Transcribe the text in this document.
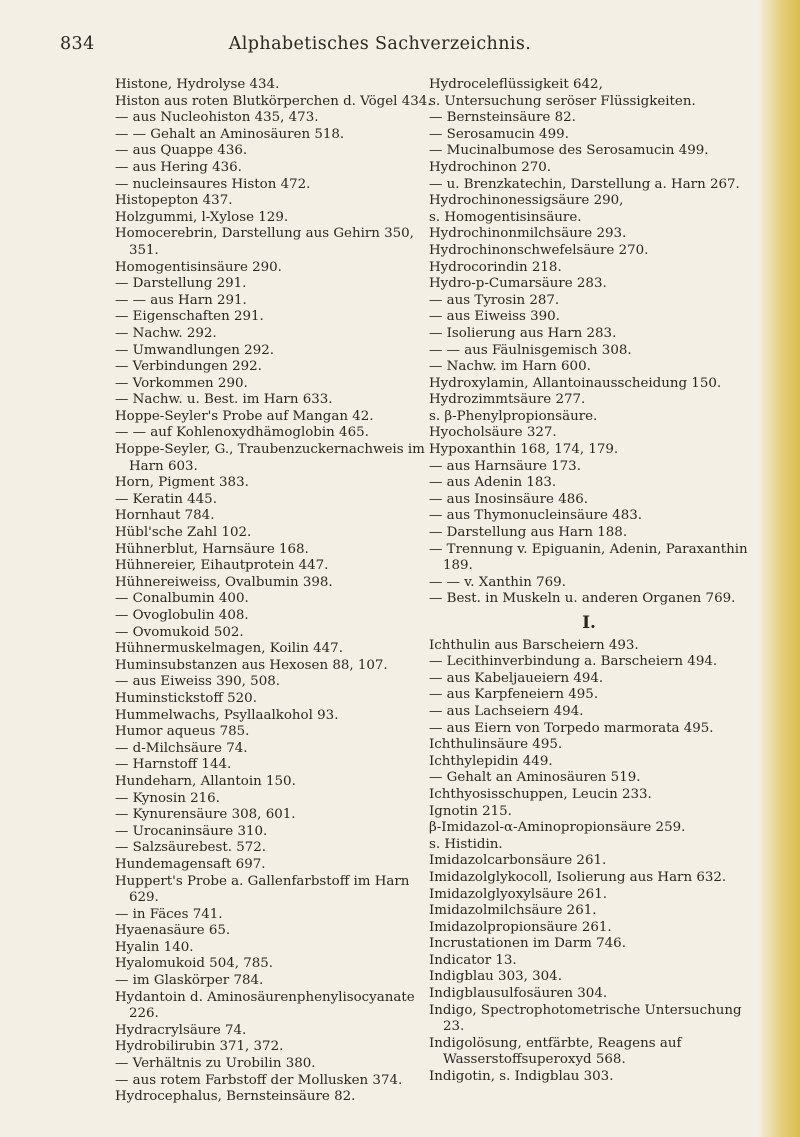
834	Alphabetisches Sachverzeichnis.

Histone, Hydrolyse 434.

Histon aus roten Blutkörperchen d. Vögel 434.

— aus Nucleohiston 435, 473.

— — Gehalt an Aminosäuren 518.

— aus Quappe 436.

— aus Hering 436.

— nucleinsaures Histon 472.

Histopepton 437.

Holzgummi, l-Xylose 129.

Homocerebrin, Darstellung aus Gehirn 350, 351.

Homogentisinsäure 290.

— Darstellung 291.

— — aus Harn 291.

— Eigenschaften 291.

— Nachw. 292.

— Umwandlungen 292.

— Verbindungen 292.

— Vorkommen 290.

— Nachw. u. Best. im Harn 633.

Hoppe-Seyler's Probe auf Mangan 42.

— — auf Kohlenoxydhämoglobin 465.

Hoppe-Seyler, G., Traubenzuckernachweis im Harn 603.

Horn, Pigment 383.

— Keratin 445.

Hornhaut 784.

Hübl'sche Zahl 102.

Hühnerblut, Harnsäure 168.

Hühnereier, Eihautprotein 447.

Hühnereiweiss, Ovalbumin 398.

— Conalbumin 400.

— Ovoglobulin 408.

— Ovomukoid 502.

Hühnermuskelmagen, Koilin 447.

Huminsubstanzen aus Hexosen 88, 107.

— aus Eiweiss 390, 508.

Huminstickstoff 520.

Hummelwachs, Psyllaalkohol 93.

Humor aqueus 785.

— d-Milchsäure 74.

— Harnstoff 144.

Hundeharn, Allantoin 150.

— Kynosin 216.

— Kynurensäure 308, 601.

— Urocaninsäure 310.

— Salzsäurebest. 572.

Hundemagensaft 697.

Huppert's Probe a. Gallenfarbstoff im Harn 629.

— in Fäces 741.

Hyaenasäure 65.

Hyalin 140.

Hyalomukoid 504, 785.

— im Glaskörper 784.

Hydantoin d. Aminosäurenphenylisocyanate 226.

Hydracrylsäure 74.

Hydrobilirubin 371, 372.

— Verhältnis zu Urobilin 380.

— aus rotem Farbstoff der Mollusken 374.

Hydrocephalus, Bernsteinsäure 82.

Hydroceleflüssigkeit 642,

s. Untersuchung seröser Flüssigkeiten.

— Bernsteinsäure 82.

— Serosamucin 499.

— Mucinalbumose des Serosamucin 499.

Hydrochinon 270.

— u. Brenzkatechin, Darstellung a. Harn 267.

Hydrochinonessigsäure 290,

s. Homogentisinsäure.

Hydrochinonmilchsäure 293.

Hydrochinonschwefelsäure 270.

Hydrocorindin 218.

Hydro-p-Cumarsäure 283.

— aus Tyrosin 287.

— aus Eiweiss 390.

— Isolierung aus Harn 283.

— — aus Fäulnisgemisch 308.

— Nachw. im Harn 600.

Hydroxylamin, Allantoinausscheidung 150.

Hydrozimmtsäure 277.

s. β-Phenylpropionsäure.

Hyocholsäure 327.

Hypoxanthin 168, 174, 179.

— aus Harnsäure 173.

— aus Adenin 183.

— aus Inosinsäure 486.

— aus Thymonucleinsäure 483.

— Darstellung aus Harn 188.

— Trennung v. Epiguanin, Adenin, Paraxanthin 189.

— — v. Xanthin 769.

— Best. in Muskeln u. anderen Organen 769.

I.

Ichthulin aus Barscheiern 493.

— Lecithinverbindung a. Barscheiern 494.

— aus Kabeljaueiern 494.

— aus Karpfeneiern 495.

— aus Lachseiern 494.

— aus Eiern von Torpedo marmorata 495.

Ichthulinsäure 495.

Ichthylepidin 449.

— Gehalt an Aminosäuren 519.

Ichthyosisschuppen, Leucin 233.

Ignotin 215.

β-Imidazol-α-Aminopropionsäure 259.

s. Histidin.

Imidazolcarbonsäure 261.

Imidazolglykocoll, Isolierung aus Harn 632.

Imidazolglyoxylsäure 261.

Imidazolmilchsäure 261.

Imidazolpropionsäure 261.

Incrustationen im Darm 746.

Indicator 13.

Indigblau 303, 304.

Indigblausulfosäuren 304.

Indigo, Spectrophotometrische Untersuchung 23.

Indigolösung, entfärbte, Reagens auf Wasserstoffsuperoxyd 568.

Indigotin, s. Indigblau 303.
